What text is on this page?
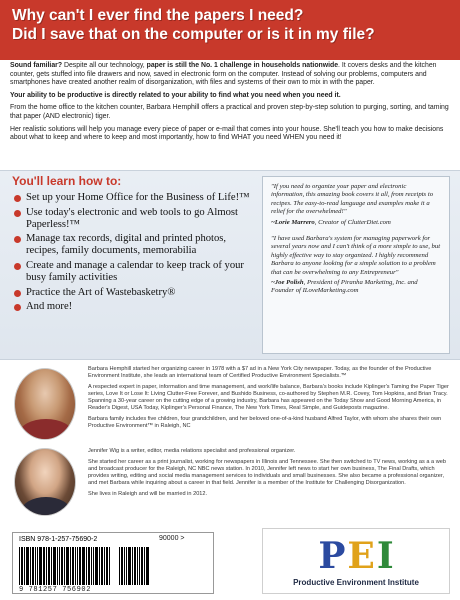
Why can't I ever find the papers I need?
Did I save that on the computer or is it in my file?

Sound familiar? Despite all our technology, paper is still the No. 1 challenge in households nationwide. It covers desks and the kitchen counter, gets stuffed into file drawers and now, saved in electronic form on the computer. Instead of solving our problems, computers and smartphones have created another realm of disorganization, with files and systems of their own to mix in with the paper.

Your ability to be productive is directly related to your ability to find what you need when you need it.

From the home office to the kitchen counter, Barbara Hemphill offers a practical and proven step-by-step solution to purging, sorting, and taming that paper (AND electronic) tiger.

Her realistic solutions will help you manage every piece of paper or e-mail that comes into your house. She'll teach you how to make decisions about what to keep and where to keep and most importantly, how to find WHAT you need WHEN you need it!

You'll learn how to:
Set up your Home Office for the Business of Life!™
Use today's electronic and web tools to go Almost Paperless!™
Manage tax records, digital and printed photos, recipes, family documents, memorabilia
Create and manage a calendar to keep track of your busy family activities
Practice the Art of Wastebasketry®
And more!
"If you need to organize your paper and electronic information, this amazing book covers it all, from receipts to recipes. The easy-to-read language and examples make it a relief for the overwhelmed!"
~Lorie Marrero, Creator of ClutterDiet.com
"I have used Barbara's system for managing paperwork for several years now and I can't think of a more simple to use, but highly effective way to stay organized. I highly recommend Barbara to anyone looking for a simple solution to a problem that can be overwhelming to any Entrepreneur"
~Joe Polish, President of Piranha Marketing, Inc. and Founder of ILoveMarketing.com

Barbara Hemphill started her organizing career in 1978 with a $7 ad in a New York City newspaper. Today, as the founder of the Productive Environment Institute, she leads an international team of Certified Productive Environment Specialists.™

A respected expert in paper, information and time management, and work/life balance, Barbara's books include Kiplinger's Taming the Paper Tiger series, Love It or Lose It: Living Clutter-Free Forever, and Bushido Business, co-authored by Stephen M.R. Covey, Tom Hopkins, and Brian Tracy. Spanning a 30-year career on the cutting edge of a growing industry, Barbara has appeared on the Today Show and Good Morning America, in Reader's Digest, USA Today, Kiplinger's Personal Finance, The New York Times, Real Simple, and Guideposts magazine.

Barbara family includes five children, four grandchildren, and her beloved one-of-a-kind husband Alfred Taylor, with whom she shares their own Productive Environment™ in Raleigh, NC

Jennifer Wig is a writer, editor, media relations specialist and professional organizer.

She started her career as a print journalist, working for newspapers in Illinois and Tennessee. She then switched to TV news, working as a a web and broadcast producer for the Raleigh, NC NBC news station. In 2010, Jennifer left news to start her own business, The Final Drafts, which provides writing, editing and social media management services to individuals and small businesses. She also became a professional organizer, and met Barbara while inquiring about a career in that field. Jennifer is a member of the Institute for Challenging Disorganization.

She lives in Raleigh and will be married in 2012.

ISBN 978-1-257-75690-2	90000 >
9 781257 756902
P E I
Productive Environment Institute
